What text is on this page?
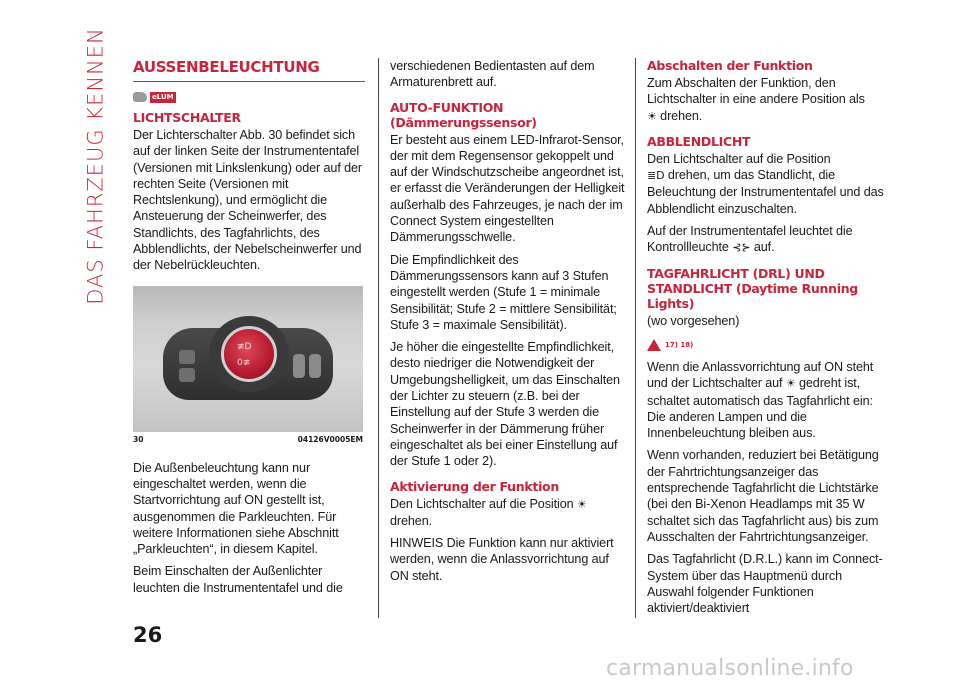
DAS FAHRZEUG KENNEN AUSSENBELEUCHTUNG
eLUM
LICHTSCHALTER

Der Lichterschalter Abb. 30 befindet sich auf der linken Seite der Instrumententafel (Versionen mit Linkslenkung) oder auf der rechten Seite (Versionen mit Rechtslenkung), und ermöglicht die Ansteuerung der Scheinwerfer, des Standlichts, des Tagfahrlichts, des Abblendlichts, der Nebelscheinwerfer und der Nebelrückleuchten.

≢D
0≢
30	04126V0005EM

Die Außenbeleuchtung kann nur eingeschaltet werden, wenn die Startvorrichtung auf ON gestellt ist, ausgenommen die Parkleuchten. Für weitere Informationen siehe Abschnitt „Parkleuchten“, in diesem Kapitel.

Beim Einschalten der Außenlichter leuchten die Instrumententafel und die

verschiedenen Bedientasten auf dem Armaturenbrett auf.

AUTO-FUNKTION
(Dämmerungssensor)

Er besteht aus einem LED-Infrarot-Sensor, der mit dem Regensensor gekoppelt und auf der Windschutzscheibe angeordnet ist, er erfasst die Veränderungen der Helligkeit außerhalb des Fahrzeuges, je nach der im Connect System eingestellten Dämmerungsschwelle.

Die Empfindlichkeit des Dämmerungssensors kann auf 3 Stufen eingestellt werden (Stufe 1 = minimale Sensibilität; Stufe 2 = mittlere Sensibilität; Stufe 3 = maximale Sensibilität).

Je höher die eingestellte Empfindlichkeit, desto niedriger die Notwendigkeit der Umgebungshelligkeit, um das Einschalten der Lichter zu steuern (z.B. bei der Einstellung auf der Stufe 3 werden die Scheinwerfer in der Dämmerung früher eingeschaltet als bei einer Einstellung auf der Stufe 1 oder 2).

Aktivierung der Funktion

Den Lichtschalter auf die Position ☀
drehen.

HINWEIS Die Funktion kann nur aktiviert werden, wenn die Anlassvorrichtung auf ON steht.

Abschalten der Funktion

Zum Abschalten der Funktion, den Lichtschalter in eine andere Position als
☀ drehen.

ABBLENDLICHT

Den Lichtschalter auf die Position
≣D drehen, um das Standlicht, die Beleuchtung der Instrumententafel und das Abblendlicht einzuschalten.

Auf der Instrumententafel leuchtet die Kontrollleuchte ⊰⊱ auf.

TAGFAHRLICHT (DRL) UND
STANDLICHT (Daytime Running Lights)

(wo vorgesehen)

17) 18)

Wenn die Anlassvorrichtung auf ON steht und der Lichtschalter auf ☀ gedreht ist, schaltet automatisch das Tagfahrlicht ein: Die anderen Lampen und die Innenbeleuchtung bleiben aus.

Wenn vorhanden, reduziert bei Betätigung der Fahrtrichtungsanzeiger das entsprechende Tagfahrlicht die Lichtstärke (bei den Bi-Xenon Headlamps mit 35 W schaltet sich das Tagfahrlicht aus) bis zum Ausschalten der Fahrtrichtungsanzeiger.

Das Tagfahrlicht (D.R.L.) kann im Connect-System über das Hauptmenü durch Auswahl folgender Funktionen aktiviert/deaktiviert

26
carmanualsonline.info
